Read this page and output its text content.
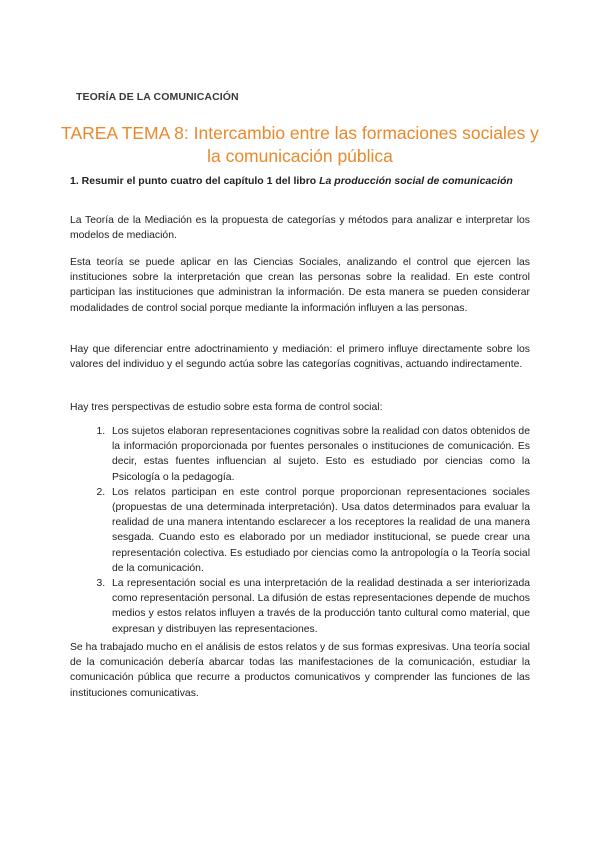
TEORÍA DE LA COMUNICACIÓN
TAREA TEMA 8: Intercambio entre las formaciones sociales y la comunicación pública
1. Resumir el punto cuatro del capítulo 1 del libro La producción social de comunicación

La Teoría de la Mediación es la propuesta de categorías y métodos para analizar e interpretar los modelos de mediación.

Esta teoría se puede aplicar en las Ciencias Sociales, analizando el control que ejercen las instituciones sobre la interpretación que crean las personas sobre la realidad. En este control participan las instituciones que administran la información. De esta manera se pueden considerar modalidades de control social porque mediante la información influyen a las personas.

Hay que diferenciar entre adoctrinamiento y mediación: el primero influye directamente sobre los valores del individuo y el segundo actúa sobre las categorías cognitivas, actuando indirectamente.

Hay tres perspectivas de estudio sobre esta forma de control social:

1. Los sujetos elaboran representaciones cognitivas sobre la realidad con datos obtenidos de la información proporcionada por fuentes personales o instituciones de comunicación. Es decir, estas fuentes influencian al sujeto. Esto es estudiado por ciencias como la Psicología o la pedagogía.
2. Los relatos participan en este control porque proporcionan representaciones sociales (propuestas de una determinada interpretación). Usa datos determinados para evaluar la realidad de una manera intentando esclarecer a los receptores la realidad de una manera sesgada. Cuando esto es elaborado por un mediador institucional, se puede crear una representación colectiva. Es estudiado por ciencias como la antropología o la Teoría social de la comunicación.
3. La representación social es una interpretación de la realidad destinada a ser interiorizada como representación personal. La difusión de estas representaciones depende de muchos medios y estos relatos influyen a través de la producción tanto cultural como material, que expresan y distribuyen las representaciones.

Se ha trabajado mucho en el análisis de estos relatos y de sus formas expresivas. Una teoría social de la comunicación debería abarcar todas las manifestaciones de la comunicación, estudiar la comunicación pública que recurre a productos comunicativos y comprender las funciones de las instituciones comunicativas.
